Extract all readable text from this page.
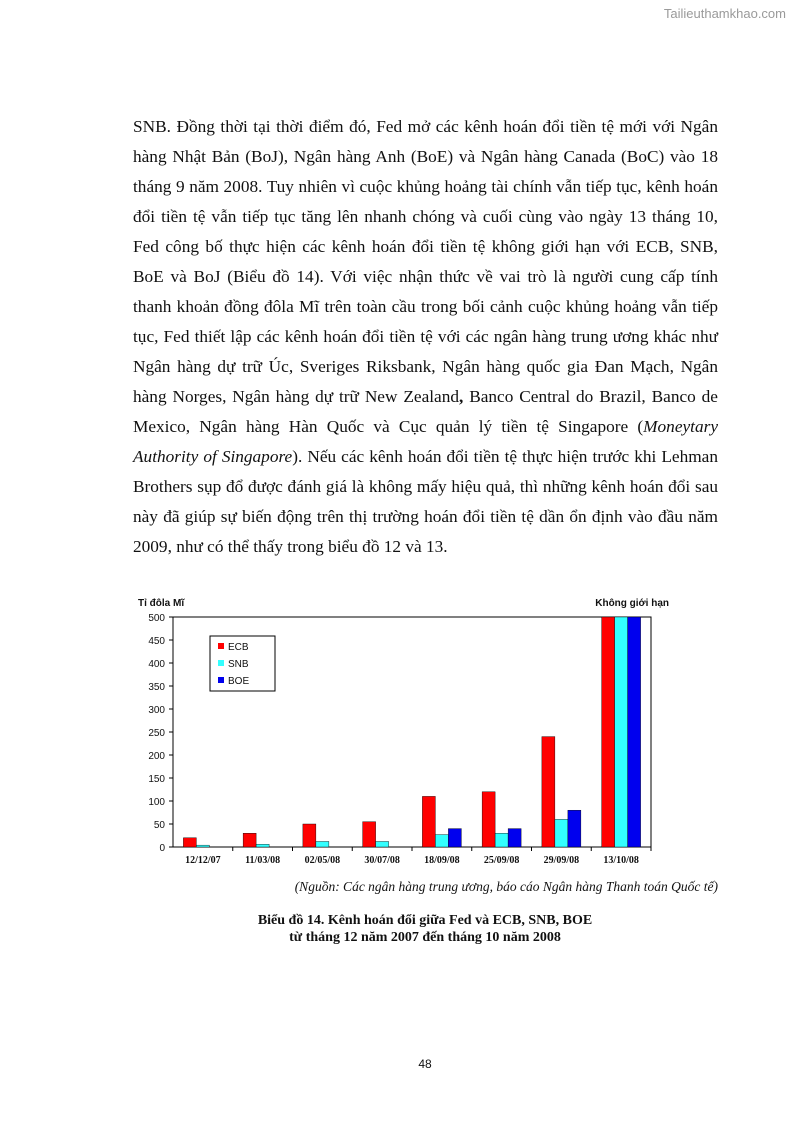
Tailieuthamkhao.com

SNB. Đồng thời tại thời điểm đó, Fed mở các kênh hoán đổi tiền tệ mới với Ngân hàng Nhật Bản (BoJ), Ngân hàng Anh (BoE) và Ngân hàng Canada (BoC) vào 18 tháng 9 năm 2008. Tuy nhiên vì cuộc khủng hoảng tài chính vẫn tiếp tục, kênh hoán đổi tiền tệ vẫn tiếp tục tăng lên nhanh chóng và cuối cùng vào ngày 13 tháng 10, Fed công bố thực hiện các kênh hoán đổi tiền tệ không giới hạn với ECB, SNB, BoE và BoJ (Biểu đồ 14). Với việc nhận thức về vai trò là người cung cấp tính thanh khoản đồng đôla Mĩ trên toàn cầu trong bối cảnh cuộc khủng hoảng vẫn tiếp tục, Fed thiết lập các kênh hoán đổi tiền tệ với các ngân hàng trung ương khác như Ngân hàng dự trữ Úc, Sveriges Riksbank, Ngân hàng quốc gia Đan Mạch, Ngân hàng Norges, Ngân hàng dự trữ New Zealand, Banco Central do Brazil, Banco de Mexico, Ngân hàng Hàn Quốc và Cục quản lý tiền tệ Singapore (Moneytary Authority of Singapore). Nếu các kênh hoán đổi tiền tệ thực hiện trước khi Lehman Brothers sụp đổ được đánh giá là không mấy hiệu quả, thì những kênh hoán đổi sau này đã giúp sự biến động trên thị trường hoán đổi tiền tệ dần ổn định vào đầu năm 2009, như có thể thấy trong biểu đồ 12 và 13.

Tỉ đôla Mĩ	Không giới hạn
0
50
100
150
200
250
300
350
400
450
500
12/12/07 11/03/08 02/05/08 30/07/08 18/09/08 25/09/08 29/09/08 13/10/08
ECB
SNB
BOE
(Nguồn: Các ngân hàng trung ương, báo cáo Ngân hàng Thanh toán Quốc tế)
Biểu đồ 14. Kênh hoán đổi giữa Fed và ECB, SNB, BOE
từ tháng 12 năm 2007 đến tháng 10 năm 2008
48
